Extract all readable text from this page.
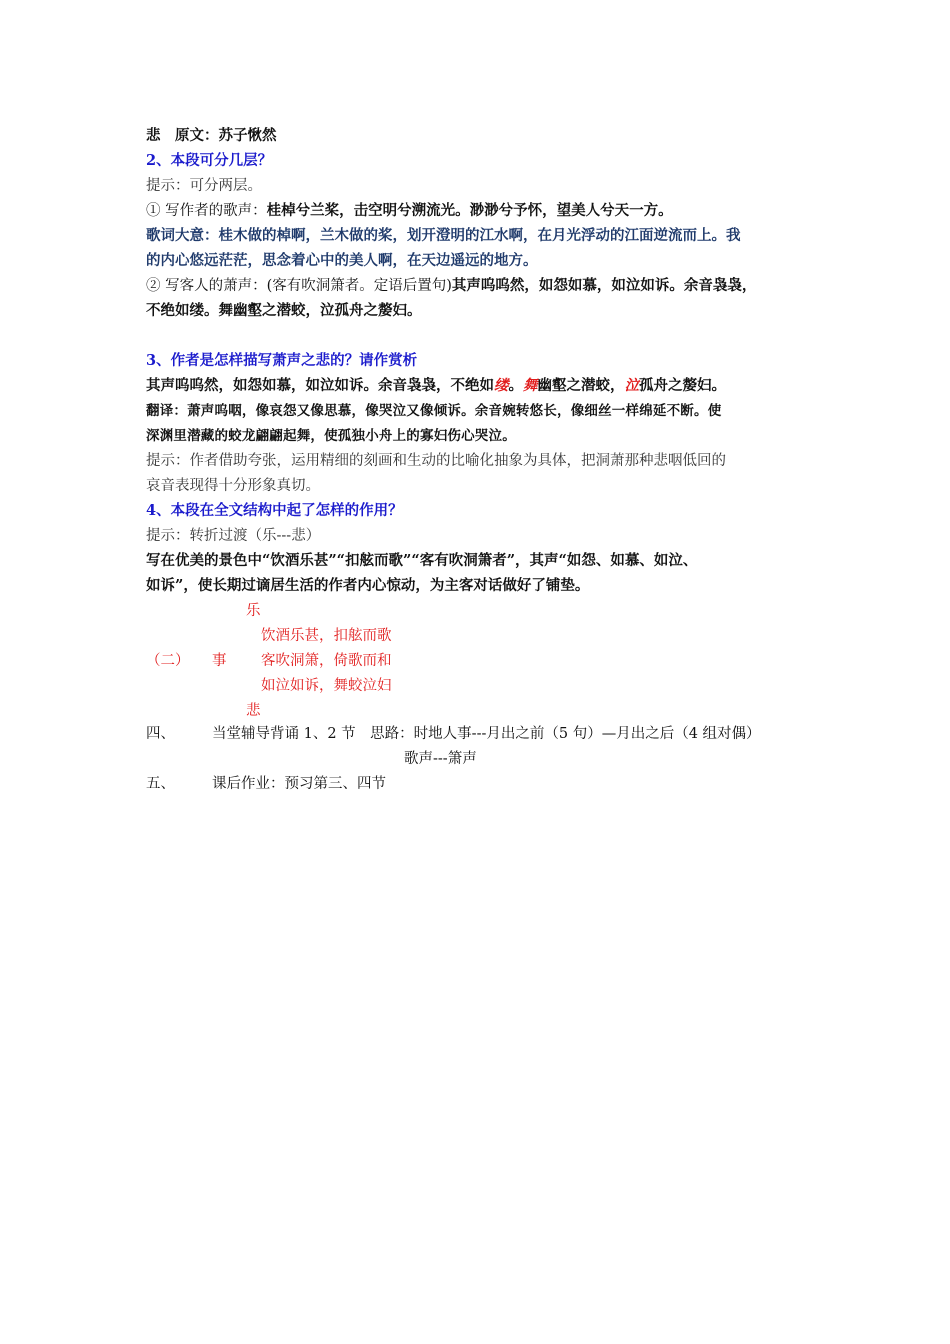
悲　原文：苏子愀然
2、本段可分几层？
提示：可分两层。
① 写作者的歌声：桂棹兮兰桨，击空明兮溯流光。渺渺兮予怀，望美人兮天一方。
歌词大意：桂木做的棹啊，兰木做的桨，划开澄明的江水啊，在月光浮动的江面逆流而上。我
的内心悠远茫茫，思念着心中的美人啊，在天边遥远的地方。
② 写客人的萧声：(客有吹洞箫者。定语后置句)其声呜呜然，如怨如慕，如泣如诉。余音袅袅，
不绝如缕。舞幽壑之潜蛟，泣孤舟之嫠妇。
3、作者是怎样描写萧声之悲的？请作赏析
其声呜呜然，如怨如慕，如泣如诉。余音袅袅，不绝如缕。舞幽壑之潜蛟，泣孤舟之嫠妇。
翻译：萧声呜咽，像哀怨又像思慕，像哭泣又像倾诉。余音婉转悠长，像细丝一样绵延不断。使
深渊里潜藏的蛟龙翩翩起舞，使孤独小舟上的寡妇伤心哭泣。
提示：作者借助夸张，运用精细的刻画和生动的比喻化抽象为具体，把洞萧那种悲咽低回的
哀音表现得十分形象真切。
4、本段在全文结构中起了怎样的作用？
提示：转折过渡（乐---悲）
写在优美的景色中“饮酒乐甚”“扣舷而歌”“客有吹洞箫者”，其声“如怨、如慕、如泣、
如诉”，使长期过谪居生活的作者内心惊动，为主客对话做好了铺垫。
乐
饮酒乐甚，扣舷而歌
（二） 事 客吹洞箫，倚歌而和
如泣如诉，舞蛟泣妇
悲
四、	当堂辅导背诵 1、2 节　思路：时地人事---月出之前（5 句）—月出之后（4 组对偶）
歌声---箫声
五、	课后作业：预习第三、四节
